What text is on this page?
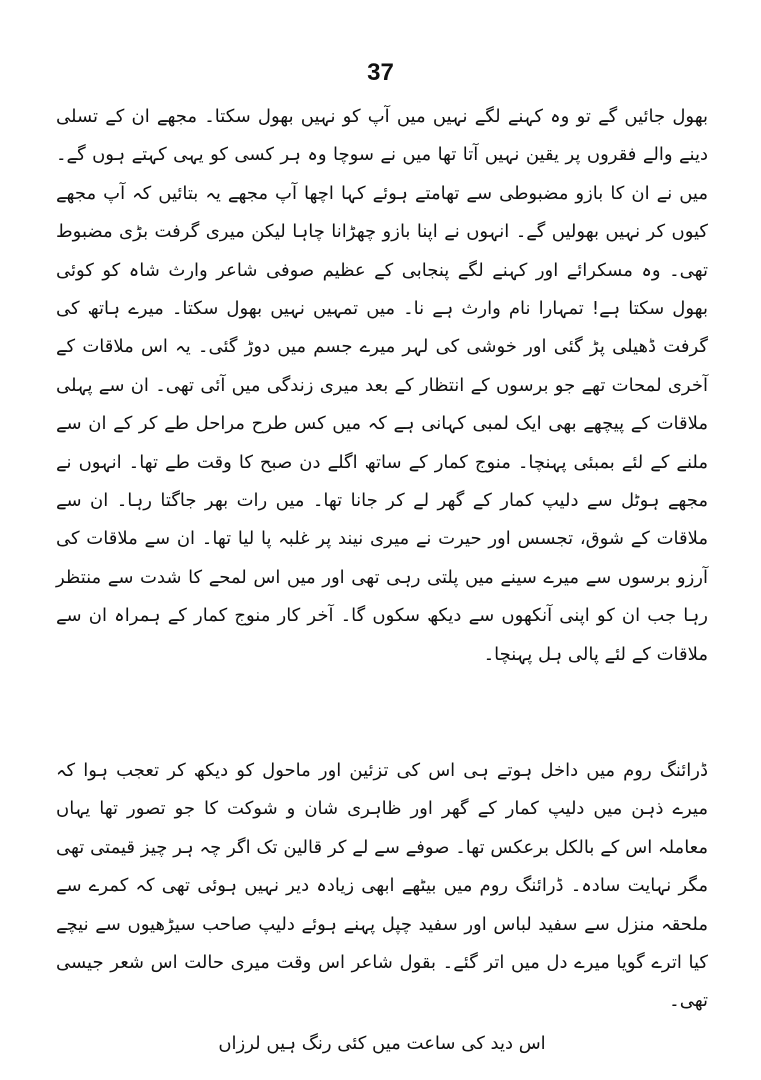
37

بھول جائیں گے تو وہ کہنے لگے نہیں میں آپ کو نہیں بھول سکتا۔ مجھے ان کے تسلی دینے والے فقروں پر یقین نہیں آتا تھا میں نے سوچا وہ ہر کسی کو یہی کہتے ہوں گے۔ میں نے ان کا بازو مضبوطی سے تھامتے ہوئے کہا اچھا آپ مجھے یہ بتائیں کہ آپ مجھے کیوں کر نہیں بھولیں گے۔ انہوں نے اپنا بازو چھڑانا چاہا لیکن میری گرفت بڑی مضبوط تھی۔ وہ مسکرائے اور کہنے لگے پنجابی کے عظیم صوفی شاعر وارث شاہ کو کوئی بھول سکتا ہے! تمہارا نام وارث ہے نا۔ میں تمہیں نہیں بھول سکتا۔ میرے ہاتھ کی گرفت ڈھیلی پڑ گئی اور خوشی کی لہر میرے جسم میں دوڑ گئی۔ یہ اس ملاقات کے آخری لمحات تھے جو برسوں کے انتظار کے بعد میری زندگی میں آئی تھی۔ ان سے پہلی ملاقات کے پیچھے بھی ایک لمبی کہانی ہے کہ میں کس طرح مراحل طے کر کے ان سے ملنے کے لئے بمبئی پہنچا۔ منوج کمار کے ساتھ اگلے دن صبح کا وقت طے تھا۔ انہوں نے مجھے ہوٹل سے دلیپ کمار کے گھر لے کر جانا تھا۔ میں رات بھر جاگتا رہا۔ ان سے ملاقات کے شوق، تجسس اور حیرت نے میری نیند پر غلبہ پا لیا تھا۔ ان سے ملاقات کی آرزو برسوں سے میرے سینے میں پلتی رہی تھی اور میں اس لمحے کا شدت سے منتظر رہا جب ان کو اپنی آنکھوں سے دیکھ سکوں گا۔ آخر کار منوج کمار کے ہمراہ ان سے ملاقات کے لئے پالی ہل پہنچا۔

ڈرائنگ روم میں داخل ہوتے ہی اس کی تزئین اور ماحول کو دیکھ کر تعجب ہوا کہ میرے ذہن میں دلیپ کمار کے گھر اور ظاہری شان و شوکت کا جو تصور تھا یہاں معاملہ اس کے بالکل برعکس تھا۔ صوفے سے لے کر قالین تک اگر چہ ہر چیز قیمتی تھی مگر نہایت سادہ۔ ڈرائنگ روم میں بیٹھے ابھی زیادہ دیر نہیں ہوئی تھی کہ کمرے سے ملحقہ منزل سے سفید لباس اور سفید چپل پہنے ہوئے دلیپ صاحب سیڑھیوں سے نیچے کیا اترے گویا میرے دل میں اتر گئے۔ بقول شاعر اس وقت میری حالت اس شعر جیسی تھی۔

اس دید کی ساعت میں کئی رنگ ہیں لرزاں
